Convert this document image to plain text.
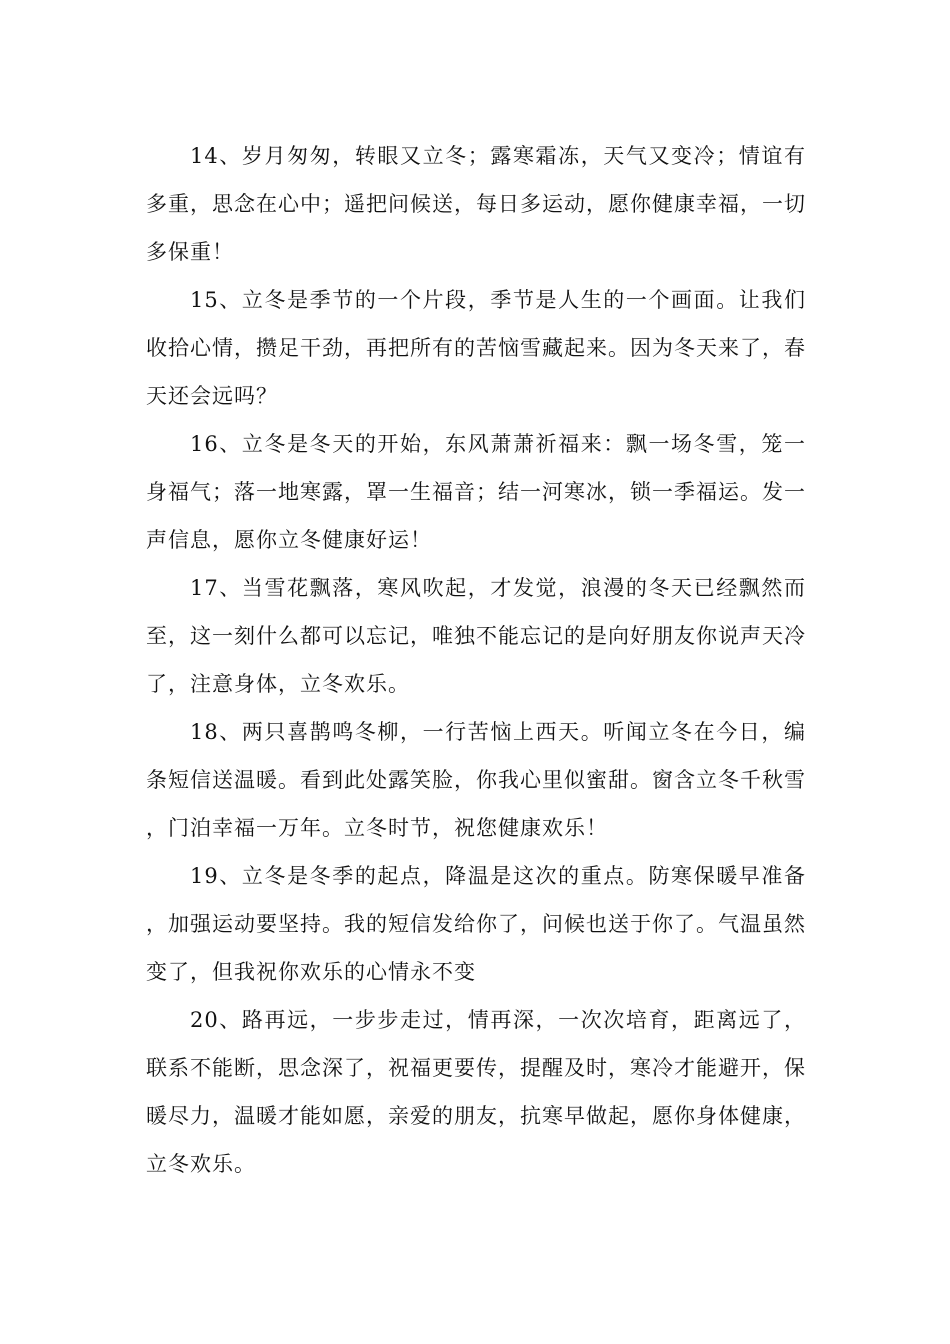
14、岁月匆匆，转眼又立冬；露寒霜冻，天气又变冷；情谊有多重，思念在心中；遥把问候送，每日多运动，愿你健康幸福，一切多保重！

15、立冬是季节的一个片段，季节是人生的一个画面。让我们收拾心情，攒足干劲，再把所有的苦恼雪藏起来。因为冬天来了，春天还会远吗？

16、立冬是冬天的开始，东风萧萧祈福来：飘一场冬雪，笼一身福气；落一地寒露，罩一生福音；结一河寒冰，锁一季福运。发一声信息，愿你立冬健康好运！

17、当雪花飘落，寒风吹起，才发觉，浪漫的冬天已经飘然而至，这一刻什么都可以忘记，唯独不能忘记的是向好朋友你说声天冷了，注意身体，立冬欢乐。

18、两只喜鹊鸣冬柳，一行苦恼上西天。听闻立冬在今日，编条短信送温暖。看到此处露笑脸，你我心里似蜜甜。窗含立冬千秋雪，门泊幸福一万年。立冬时节，祝您健康欢乐！

19、立冬是冬季的起点，降温是这次的重点。防寒保暖早准备，加强运动要坚持。我的短信发给你了，问候也送于你了。气温虽然变了，但我祝你欢乐的心情永不变

20、路再远，一步步走过，情再深，一次次培育，距离远了，联系不能断，思念深了，祝福更要传，提醒及时，寒冷才能避开，保暖尽力，温暖才能如愿，亲爱的朋友，抗寒早做起，愿你身体健康，立冬欢乐。
